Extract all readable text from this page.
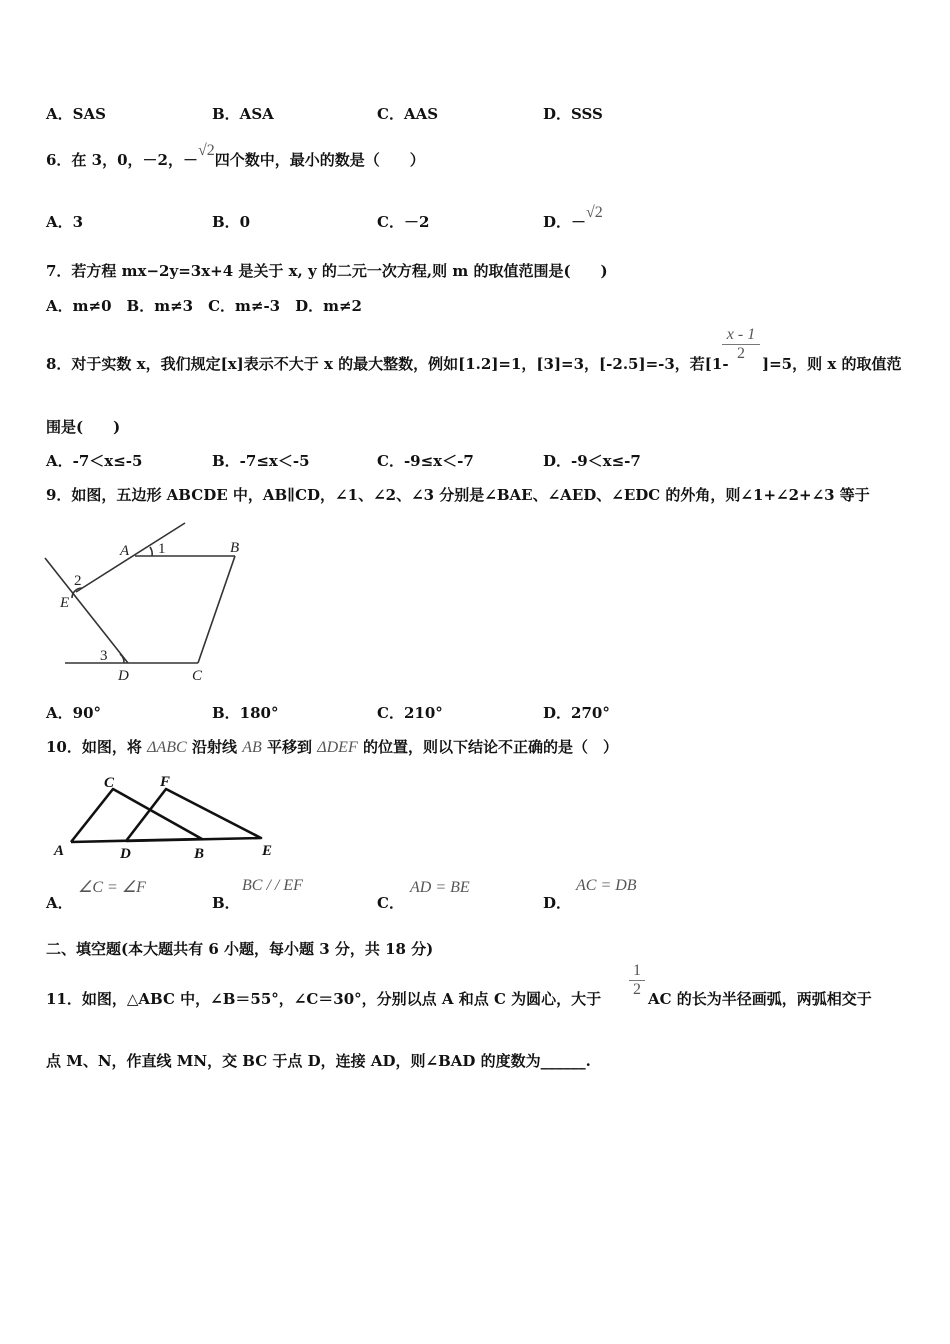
A．SAS	B．ASA	C．AAS	D．SSS
6．在 3，0，－2，－√2四个数中，最小的数是（　　）
A．3	B．0	C．－2	D．－√2
7．若方程 mx−2y=3x+4 是关于 x, y 的二元一次方程,则 m 的取值范围是(　　)
A．m≠0　B．m≠3　C．m≠-3　D．m≠2
8．对于实数 x，我们规定[x]表示不大于 x 的最大整数，例如[1.2]=1，[3]=3，[-2.5]=-3，若[1-
$\frac{x - 1}{2}$
]=5，则 x 的取值范
围是(　　)
A．-7＜x≤-5	B．-7≤x＜-5	C．-9≤x＜-7	D．-9＜x≤-7
9．如图，五边形 ABCDE 中，AB∥CD，∠1、∠2、∠3 分别是∠BAE、∠AED、∠EDC 的外角，则∠1+∠2+∠3 等于
A	B
C
D
E
1
2
3
A．90°	B．180°	C．210°	D．270°
10．如图，将 ΔABC 沿射线 AB 平移到 ΔDEF 的位置，则以下结论不正确的是（　）
C	F
A	D	B	E
A．
∠C = ∠F
B．
BC / / EF
C．
AD = BE
D．
AC = DB
二、填空题(本大题共有 6 小题，每小题 3 分，共 18 分)
11．如图，△ABC 中，∠B＝55°，∠C＝30°，分别以点 A 和点 C 为圆心，大于 $\frac{1}{2}$ AC 的长为半径画弧，两弧相交于
点 M、N，作直线 MN，交 BC 于点 D，连接 AD，则∠BAD 的度数为______.
